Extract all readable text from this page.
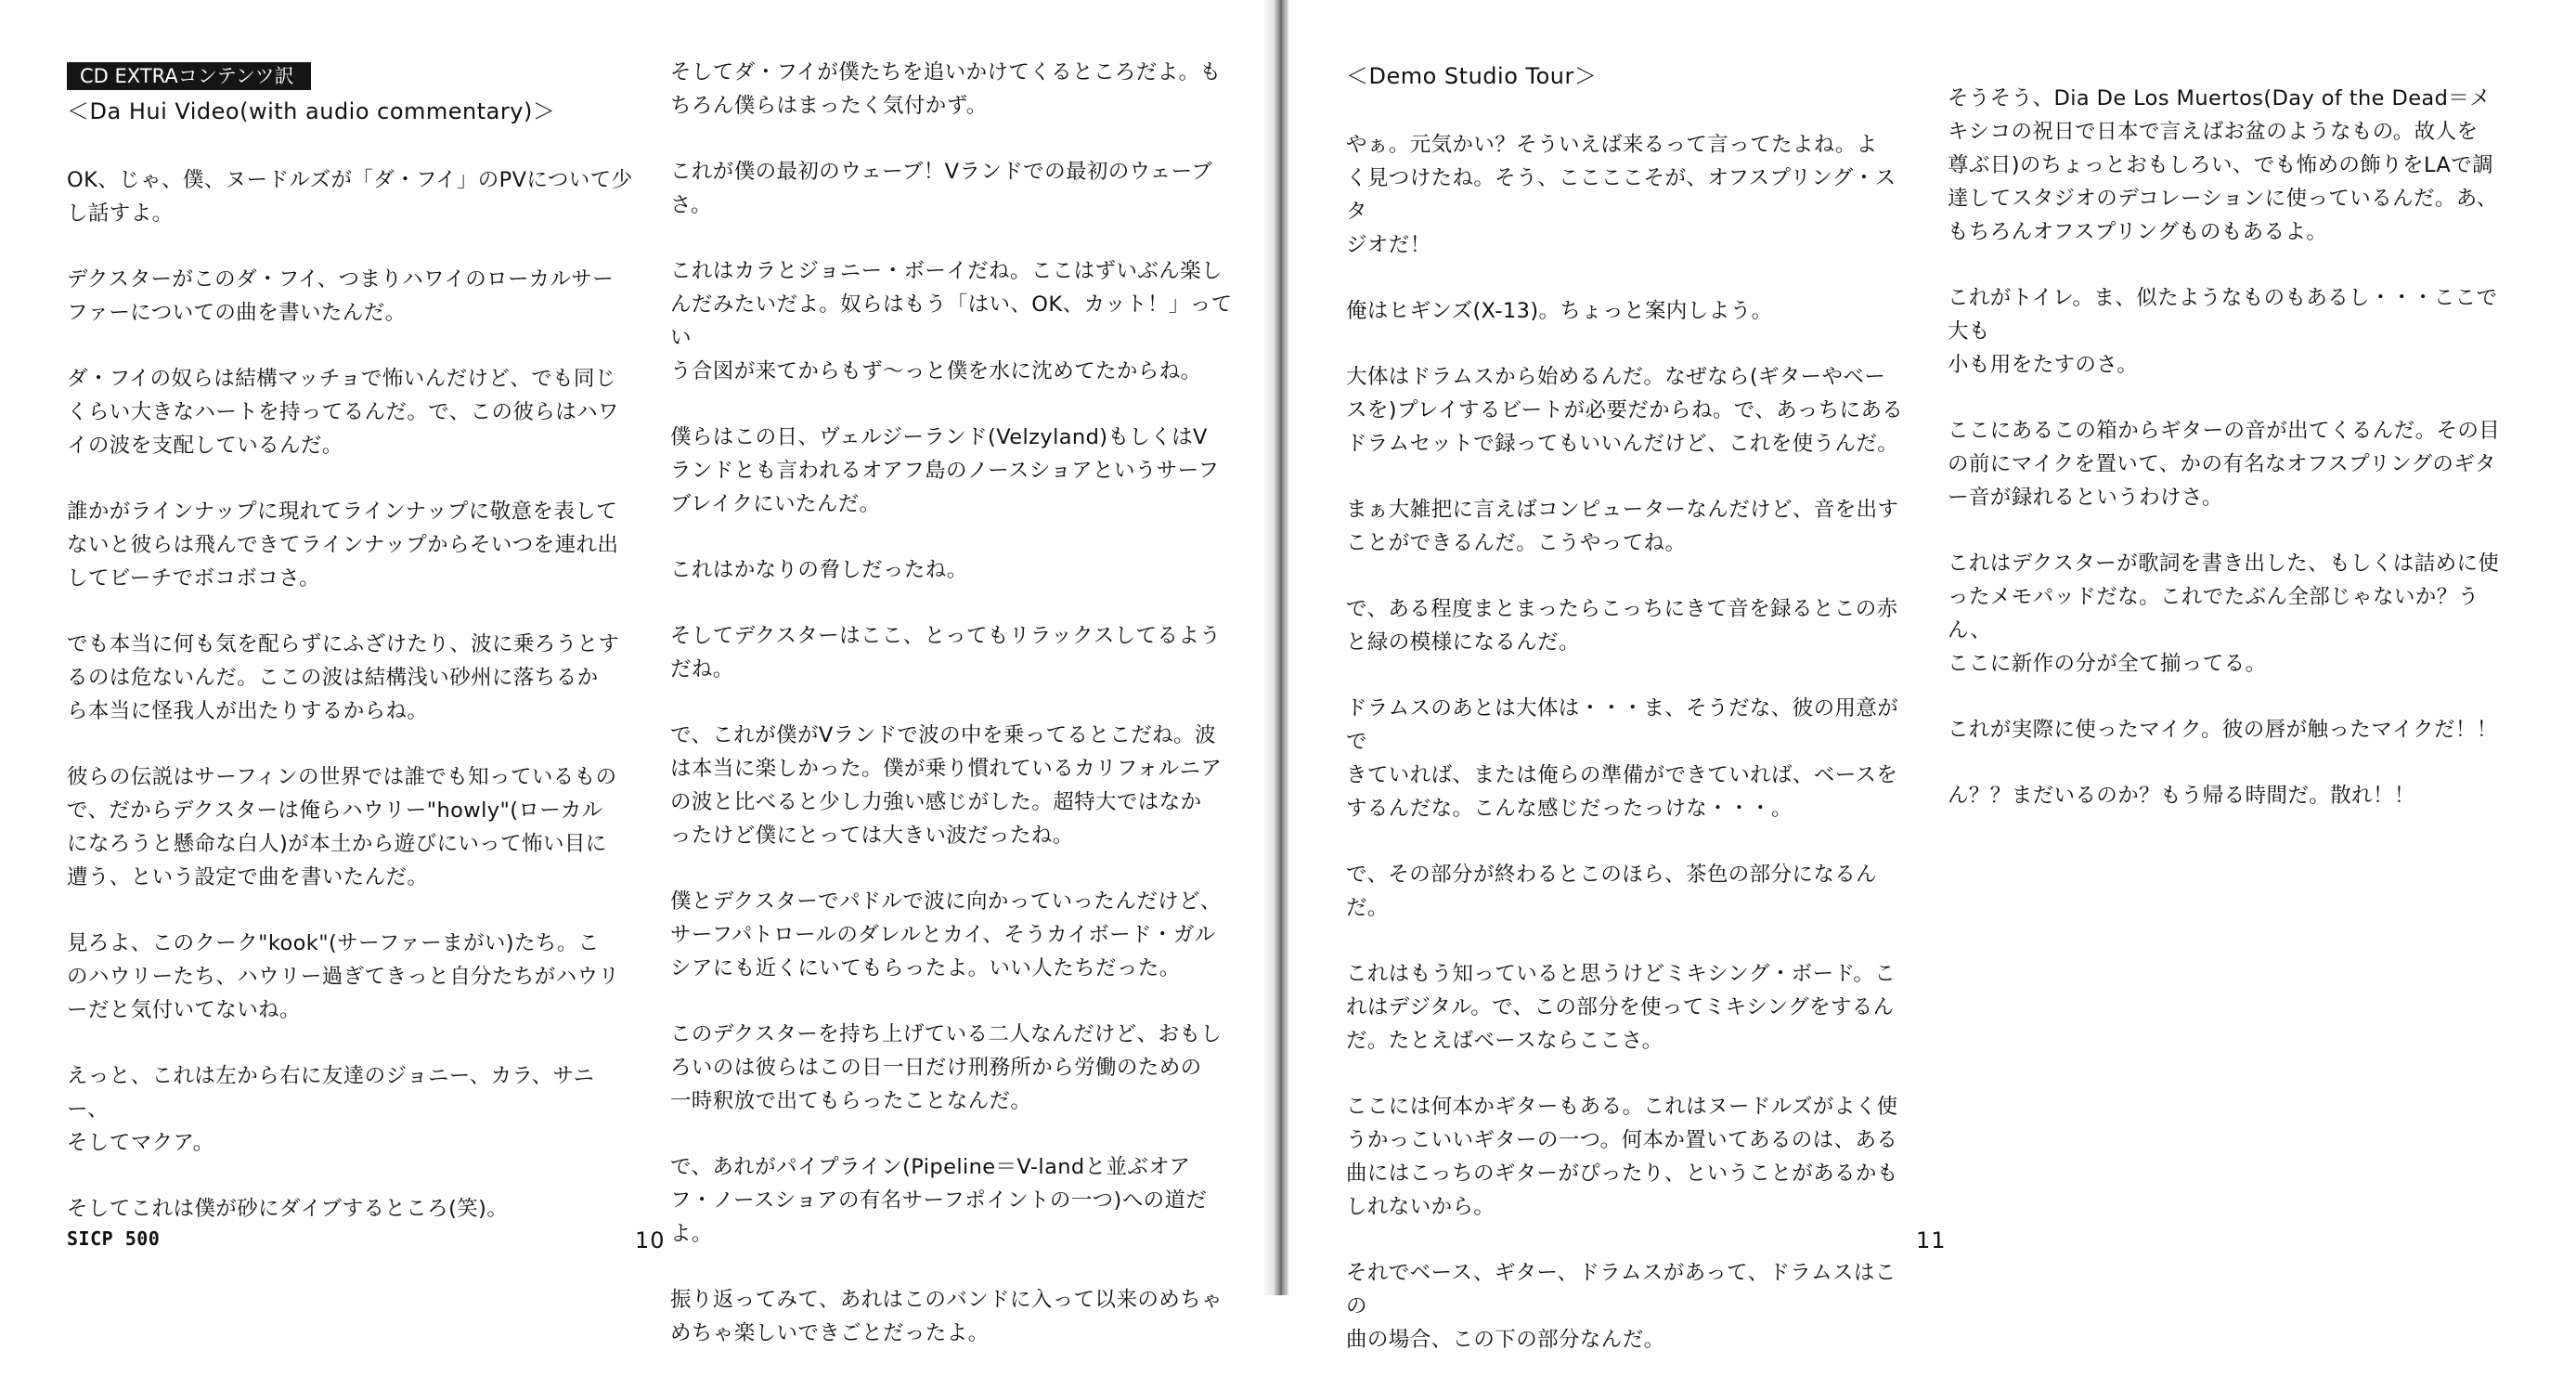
CD EXTRAコンテンツ訳
＜Da Hui Video(with audio commentary)＞

OK、じゃ、僕、ヌードルズが「ダ・フイ」のPVについて少
し話すよ。

デクスターがこのダ・フイ、つまりハワイのローカルサー
ファーについての曲を書いたんだ。

ダ・フイの奴らは結構マッチョで怖いんだけど、でも同じ
くらい大きなハートを持ってるんだ。で、この彼らはハワ
イの波を支配しているんだ。

誰かがラインナップに現れてラインナップに敬意を表して
ないと彼らは飛んできてラインナップからそいつを連れ出
してビーチでボコボコさ。

でも本当に何も気を配らずにふざけたり、波に乗ろうとす
るのは危ないんだ。ここの波は結構浅い砂州に落ちるか
ら本当に怪我人が出たりするからね。

彼らの伝説はサーフィンの世界では誰でも知っているもの
で、だからデクスターは俺らハウリー"howly"(ローカル
になろうと懸命な白人)が本土から遊びにいって怖い目に
遭う、という設定で曲を書いたんだ。

見ろよ、このクーク"kook"(サーファーまがい)たち。こ
のハウリーたち、ハウリー過ぎてきっと自分たちがハウリ
ーだと気付いてないね。

えっと、これは左から右に友達のジョニー、カラ、サニー、
そしてマクア。

そしてこれは僕が砂にダイブするところ(笑)。

そしてダ・フイが僕たちを追いかけてくるところだよ。も
ちろん僕らはまったく気付かず。

これが僕の最初のウェーブ！Vランドでの最初のウェーブさ。

これはカラとジョニー・ボーイだね。ここはずいぶん楽し
んだみたいだよ。奴らはもう「はい、OK、カット！」ってい
う合図が来てからもず〜っと僕を水に沈めてたからね。

僕らはこの日、ヴェルジーランド(Velzyland)もしくはV
ランドとも言われるオアフ島のノースショアというサーフ
ブレイクにいたんだ。

これはかなりの脅しだったね。

そしてデクスターはここ、とってもリラックスしてるようだね。

で、これが僕がVランドで波の中を乗ってるとこだね。波
は本当に楽しかった。僕が乗り慣れているカリフォルニア
の波と比べると少し力強い感じがした。超特大ではなか
ったけど僕にとっては大きい波だったね。

僕とデクスターでパドルで波に向かっていったんだけど、
サーフパトロールのダレルとカイ、そうカイボード・ガル
シアにも近くにいてもらったよ。いい人たちだった。

このデクスターを持ち上げている二人なんだけど、おもし
ろいのは彼らはこの日一日だけ刑務所から労働のための
一時釈放で出てもらったことなんだ。

で、あれがパイプライン(Pipeline＝V-landと並ぶオア
フ・ノースショアの有名サーフポイントの一つ)への道だよ。

振り返ってみて、あれはこのバンドに入って以来のめちゃ
めちゃ楽しいできごとだったよ。

SICP 500	10
＜Demo Studio Tour＞

やぁ。元気かい？そういえば来るって言ってたよね。よ
く見つけたね。そう、ここここそが、オフスプリング・スタ
ジオだ！

俺はヒギンズ(X-13)。ちょっと案内しよう。

大体はドラムスから始めるんだ。なぜなら(ギターやベー
スを)プレイするビートが必要だからね。で、あっちにある
ドラムセットで録ってもいいんだけど、これを使うんだ。

まぁ大雑把に言えばコンピューターなんだけど、音を出す
ことができるんだ。こうやってね。

で、ある程度まとまったらこっちにきて音を録るとこの赤
と緑の模様になるんだ。

ドラムスのあとは大体は・・・ま、そうだな、彼の用意がで
きていれば、または俺らの準備ができていれば、ベースを
するんだな。こんな感じだったっけな・・・。

で、その部分が終わるとこのほら、茶色の部分になるんだ。

これはもう知っていると思うけどミキシング・ボード。こ
れはデジタル。で、この部分を使ってミキシングをするん
だ。たとえばベースならここさ。

ここには何本かギターもある。これはヌードルズがよく使
うかっこいいギターの一つ。何本か置いてあるのは、ある
曲にはこっちのギターがぴったり、ということがあるかも
しれないから。

それでベース、ギター、ドラムスがあって、ドラムスはこの
曲の場合、この下の部分なんだ。

そうそう、Dia De Los Muertos(Day of the Dead＝メ
キシコの祝日で日本で言えばお盆のようなもの。故人を
尊ぶ日)のちょっとおもしろい、でも怖めの飾りをLAで調
達してスタジオのデコレーションに使っているんだ。あ、
もちろんオフスプリングものもあるよ。

これがトイレ。ま、似たようなものもあるし・・・ここで大も
小も用をたすのさ。

ここにあるこの箱からギターの音が出てくるんだ。その目
の前にマイクを置いて、かの有名なオフスプリングのギタ
ー音が録れるというわけさ。

これはデクスターが歌詞を書き出した、もしくは詰めに使
ったメモパッドだな。これでたぶん全部じゃないか？うん、
ここに新作の分が全て揃ってる。

これが実際に使ったマイク。彼の唇が触ったマイクだ！！

ん？？まだいるのか？もう帰る時間だ。散れ！！

11
